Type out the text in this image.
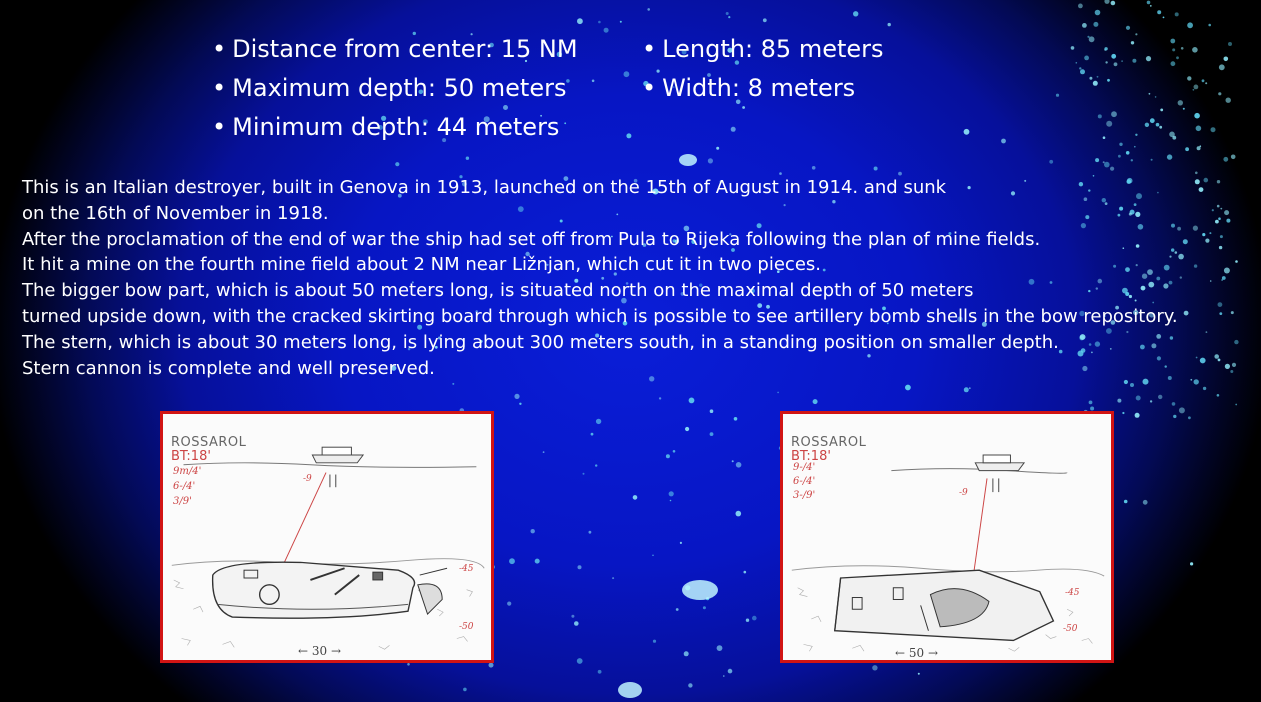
• Distance from center: 15 NM
• Maximum depth: 50 meters
• Minimum depth: 44 meters
• Length: 85 meters
• Width: 8 meters

This is an Italian destroyer, built in Genova in 1913, launched on the 15th of August in 1914. and sunk

on the 16th of November in 1918.

After the proclamation of the end of war the ship had set off from Pula to Rijeka following the plan of mine fields.

It hit a mine on the fourth mine field about 2 NM near Ližnjan, which cut it in two pieces.

The bigger bow part, which is about 50 meters long, is situated north on the maximal depth of 50 meters

turned upside down, with the cracked skirting board through which is possible to see artillery bomb shells in the bow repository.

The stern, which is about 30 meters long, is lying about 300 meters south, in a standing position on smaller depth.

Stern cannon is complete and well preserved.

ROSSAROL
BT:18'
9m/4'
6-/4'
3/9'
-9
-45
-50
← 30 →
ROSSAROL
BT:18'
9-/4'
6-/4'
3-/9'	-9
-45
-50
← 50 →
